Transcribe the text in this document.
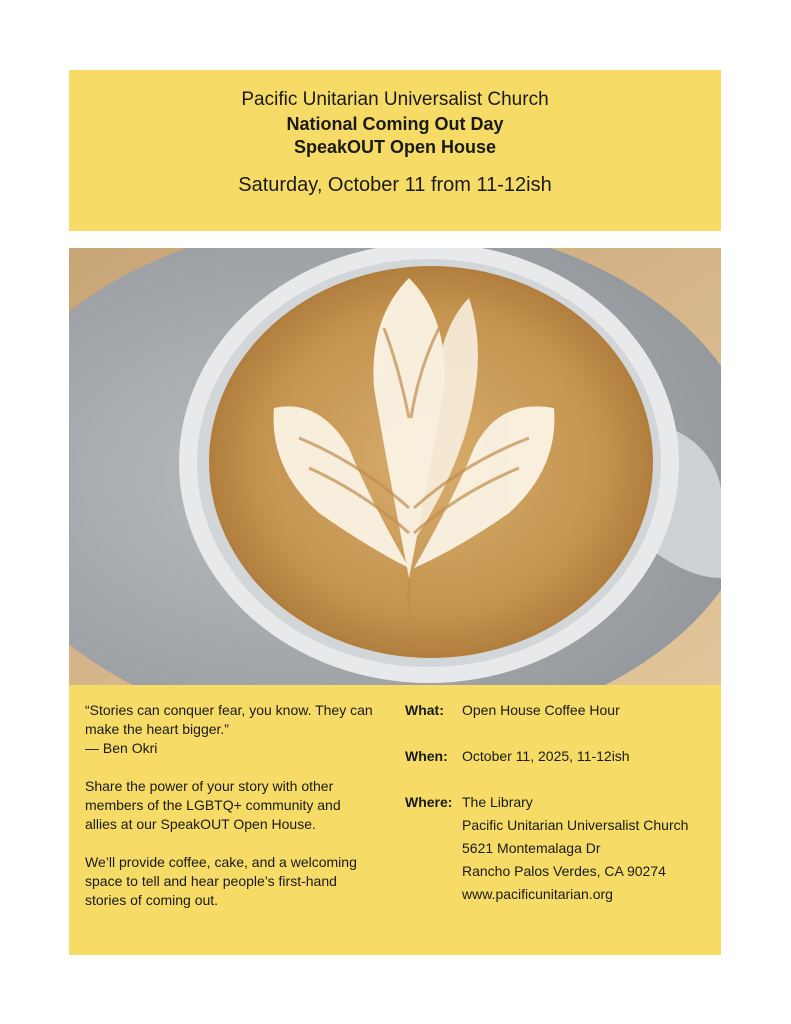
Pacific Unitarian Universalist Church
National Coming Out Day
SpeakOUT Open House
Saturday, October 11 from 11-12ish

“Stories can conquer fear, you know. They can

make the heart bigger.”

— Ben Okri

Share the power of your story with other

members of the LGBTQ+ community and

allies at our SpeakOUT Open House.

We’ll provide coffee, cake, and a welcoming

space to tell and hear people’s first-hand

stories of coming out.

What:	Open House Coffee Hour
When:	October 11, 2025, 11-12ish
Where: The Library
Pacific Unitarian Universalist Church
5621 Montemalaga Dr
Rancho Palos Verdes, CA 90274
www.pacificunitarian.org
